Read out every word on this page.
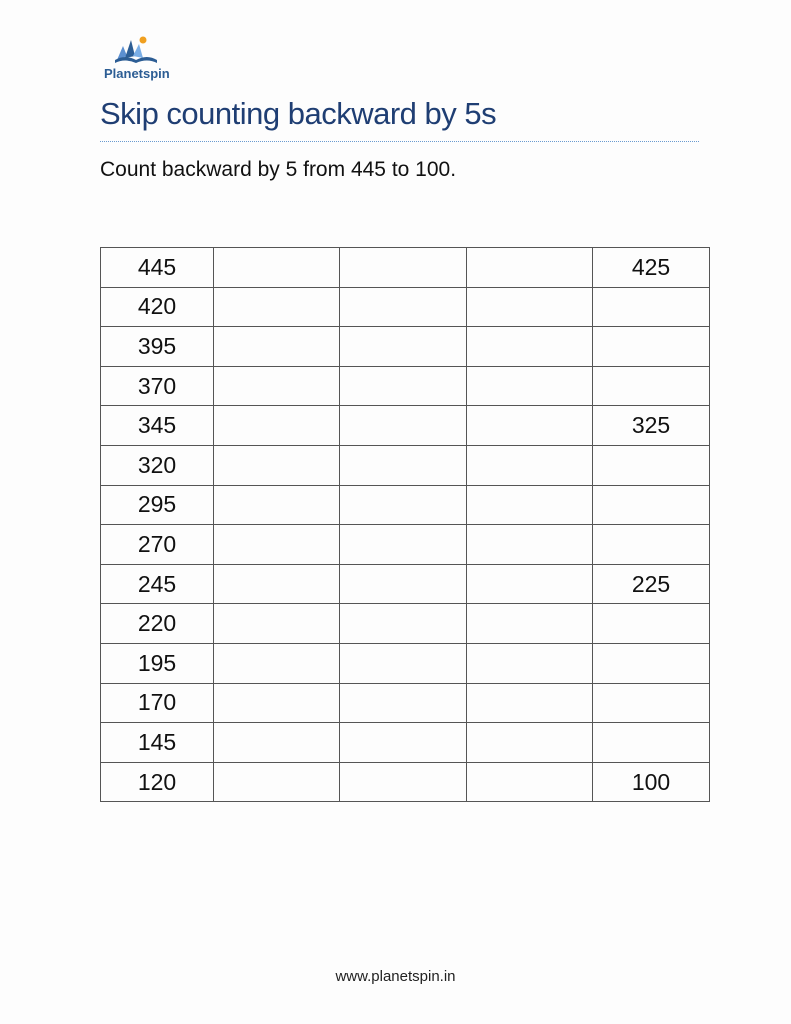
Planetspin
Skip counting backward by 5s
Count backward by 5 from 445 to 100.
445				425
420				
395				
370				
345				325
320				
295				
270				
245				225
220				
195				
170				
145				
120				100
www.planetspin.in
